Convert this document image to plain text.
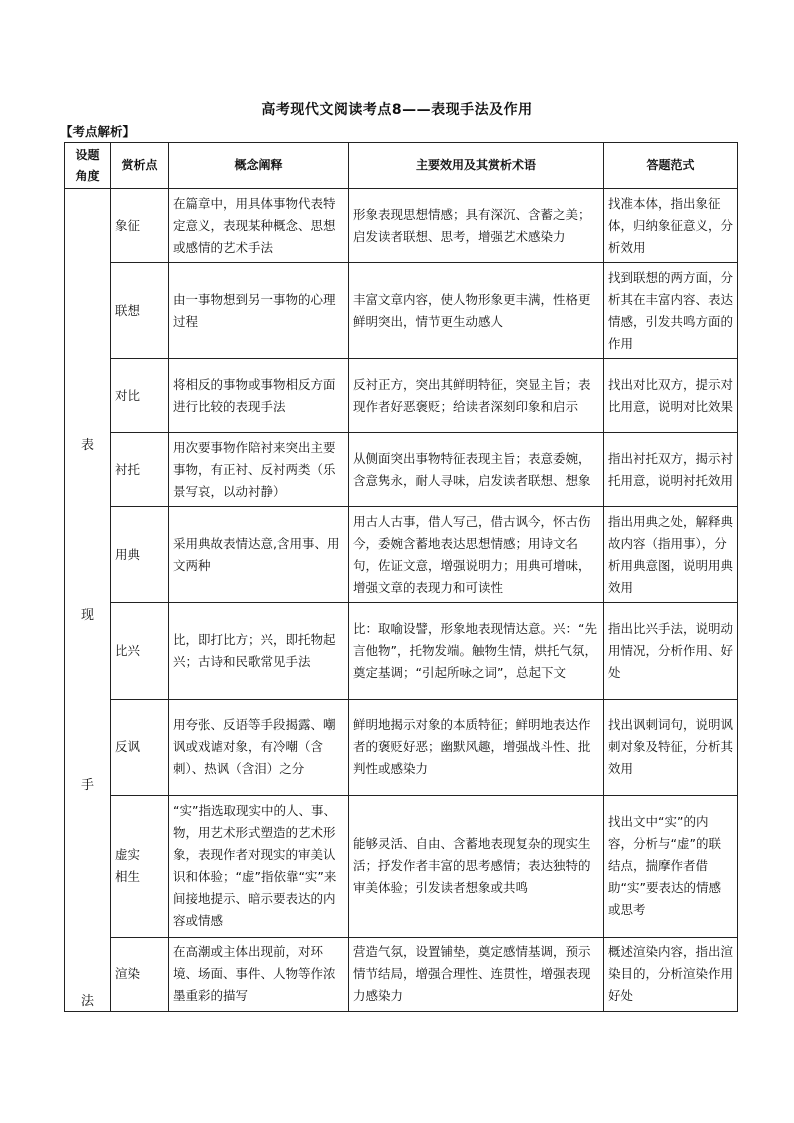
高考现代文阅读考点8——表现手法及作用
【考点解析】
设题
角度	赏析点	概念阐释	主要效用及其赏析术语	答题范式

表
现
手
法	象征	在篇章中，用具体事物代表特定意义，表现某种概念、思想或感情的艺术手法	形象表现思想情感；具有深沉、含蓄之美；启发读者联想、思考，增强艺术感染力	找准本体，指出象征体，归纳象征意义，分析效用
	联想	由一事物想到另一事物的心理过程	丰富文章内容，使人物形象更丰满，性格更鲜明突出，情节更生动感人	找到联想的两方面，分析其在丰富内容、表达情感，引发共鸣方面的作用
	对比	将相反的事物或事物相反方面进行比较的表现手法	反衬正方，突出其鲜明特征，突显主旨；表现作者好恶褒贬；给读者深刻印象和启示	找出对比双方，提示对比用意，说明对比效果
	衬托	用次要事物作陪衬来突出主要事物，有正衬、反衬两类（乐景写哀，以动衬静）	从侧面突出事物特征表现主旨；表意委婉，含意隽永，耐人寻味，启发读者联想、想象	指出衬托双方，揭示衬托用意，说明衬托效用
	用典	采用典故表情达意,含用事、用文两种	用古人古事，借人写己，借古讽今，怀古伤今，委婉含蓄地表达思想情感；用诗文名句，佐证文意，增强说明力；用典可增味，增强文章的表现力和可读性	指出用典之处，解释典故内容（指用事），分析用典意图，说明用典效用
	比兴	比，即打比方；兴，即托物起兴；古诗和民歌常见手法	比：取喻设譬，形象地表现情达意。兴：“先言他物”，托物发端。触物生情，烘托气氛，奠定基调；“引起所咏之词”，总起下文	指出比兴手法，说明动用情况，分析作用、好处
	反讽	用夸张、反语等手段揭露、嘲讽或戏谑对象，有冷嘲（含刺）、热讽（含泪）之分	鲜明地揭示对象的本质特征；鲜明地表达作者的褒贬好恶；幽默风趣，增强战斗性、批判性或感染力	找出讽刺词句，说明讽刺对象及特征，分析其效用

	虚实
相生	“实”指选取现实中的人、事、物，用艺术形式塑造的艺术形象，表现作者对现实的审美认识和体验；“虚”指依靠“实”来间接地提示、暗示要表达的内容或情感	能够灵活、自由、含蓄地表现复杂的现实生活；抒发作者丰富的思考感情；表达独特的审美体验；引发读者想象或共鸣	找出文中“实”的内容，分析与“虚”的联结点，揣摩作者借助“实”要表达的情感或思考
	渲染	在高潮或主体出现前，对环境、场面、事件、人物等作浓墨重彩的描写	营造气氛，设置铺垫，奠定感情基调，预示情节结局，增强合理性、连贯性，增强表现力感染力	概述渲染内容，指出渲染目的，分析渲染作用好处
